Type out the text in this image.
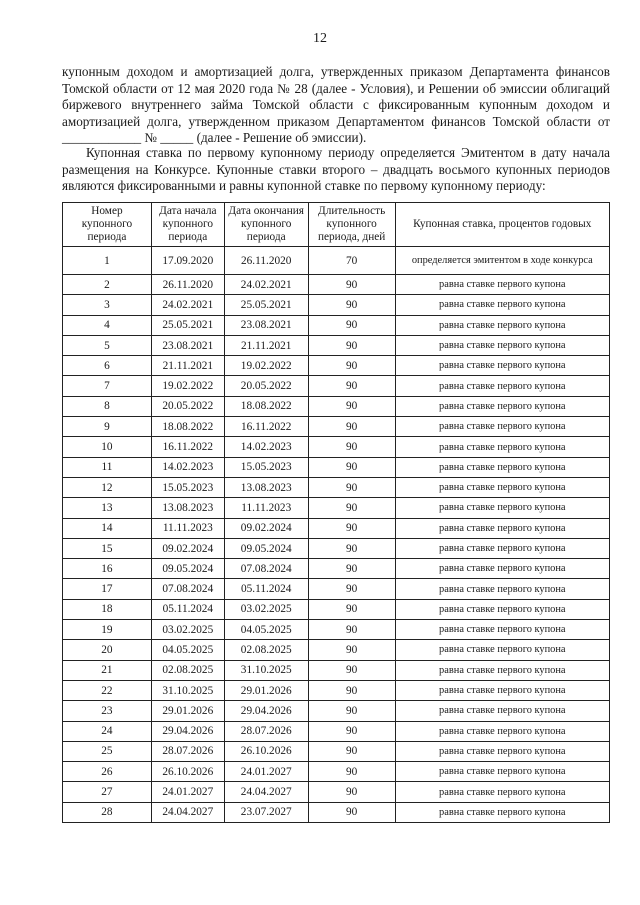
12
купонным доходом и амортизацией долга, утвержденных приказом Департамента финансов Томской области от 12 мая 2020 года № 28 (далее - Условия), и Решении об эмиссии облигаций биржевого внутреннего займа Томской области с фиксированным купонным доходом и амортизацией долга, утвержденном приказом Департаментом финансов Томской области от ____________ № _____ (далее - Решение об эмиссии).
Купонная ставка по первому купонному периоду определяется Эмитентом в дату начала размещения на Конкурсе. Купонные ставки второго – двадцать восьмого купонных периодов являются фиксированными и равны купонной ставке по первому купонному периоду:
Номер купонного периода	Дата начала купонного периода	Дата окончания купонного периода	Длительность купонного периода, дней	Купонная ставка, процентов годовых
1	17.09.2020	26.11.2020	70	определяется эмитентом в ходе конкурса
2	26.11.2020	24.02.2021	90	равна ставке первого купона
3	24.02.2021	25.05.2021	90	равна ставке первого купона
4	25.05.2021	23.08.2021	90	равна ставке первого купона
5	23.08.2021	21.11.2021	90	равна ставке первого купона
6	21.11.2021	19.02.2022	90	равна ставке первого купона
7	19.02.2022	20.05.2022	90	равна ставке первого купона
8	20.05.2022	18.08.2022	90	равна ставке первого купона
9	18.08.2022	16.11.2022	90	равна ставке первого купона
10	16.11.2022	14.02.2023	90	равна ставке первого купона
11	14.02.2023	15.05.2023	90	равна ставке первого купона
12	15.05.2023	13.08.2023	90	равна ставке первого купона
13	13.08.2023	11.11.2023	90	равна ставке первого купона
14	11.11.2023	09.02.2024	90	равна ставке первого купона
15	09.02.2024	09.05.2024	90	равна ставке первого купона
16	09.05.2024	07.08.2024	90	равна ставке первого купона
17	07.08.2024	05.11.2024	90	равна ставке первого купона
18	05.11.2024	03.02.2025	90	равна ставке первого купона
19	03.02.2025	04.05.2025	90	равна ставке первого купона
20	04.05.2025	02.08.2025	90	равна ставке первого купона
21	02.08.2025	31.10.2025	90	равна ставке первого купона
22	31.10.2025	29.01.2026	90	равна ставке первого купона
23	29.01.2026	29.04.2026	90	равна ставке первого купона
24	29.04.2026	28.07.2026	90	равна ставке первого купона
25	28.07.2026	26.10.2026	90	равна ставке первого купона
26	26.10.2026	24.01.2027	90	равна ставке первого купона
27	24.01.2027	24.04.2027	90	равна ставке первого купона
28	24.04.2027	23.07.2027	90	равна ставке первого купона
